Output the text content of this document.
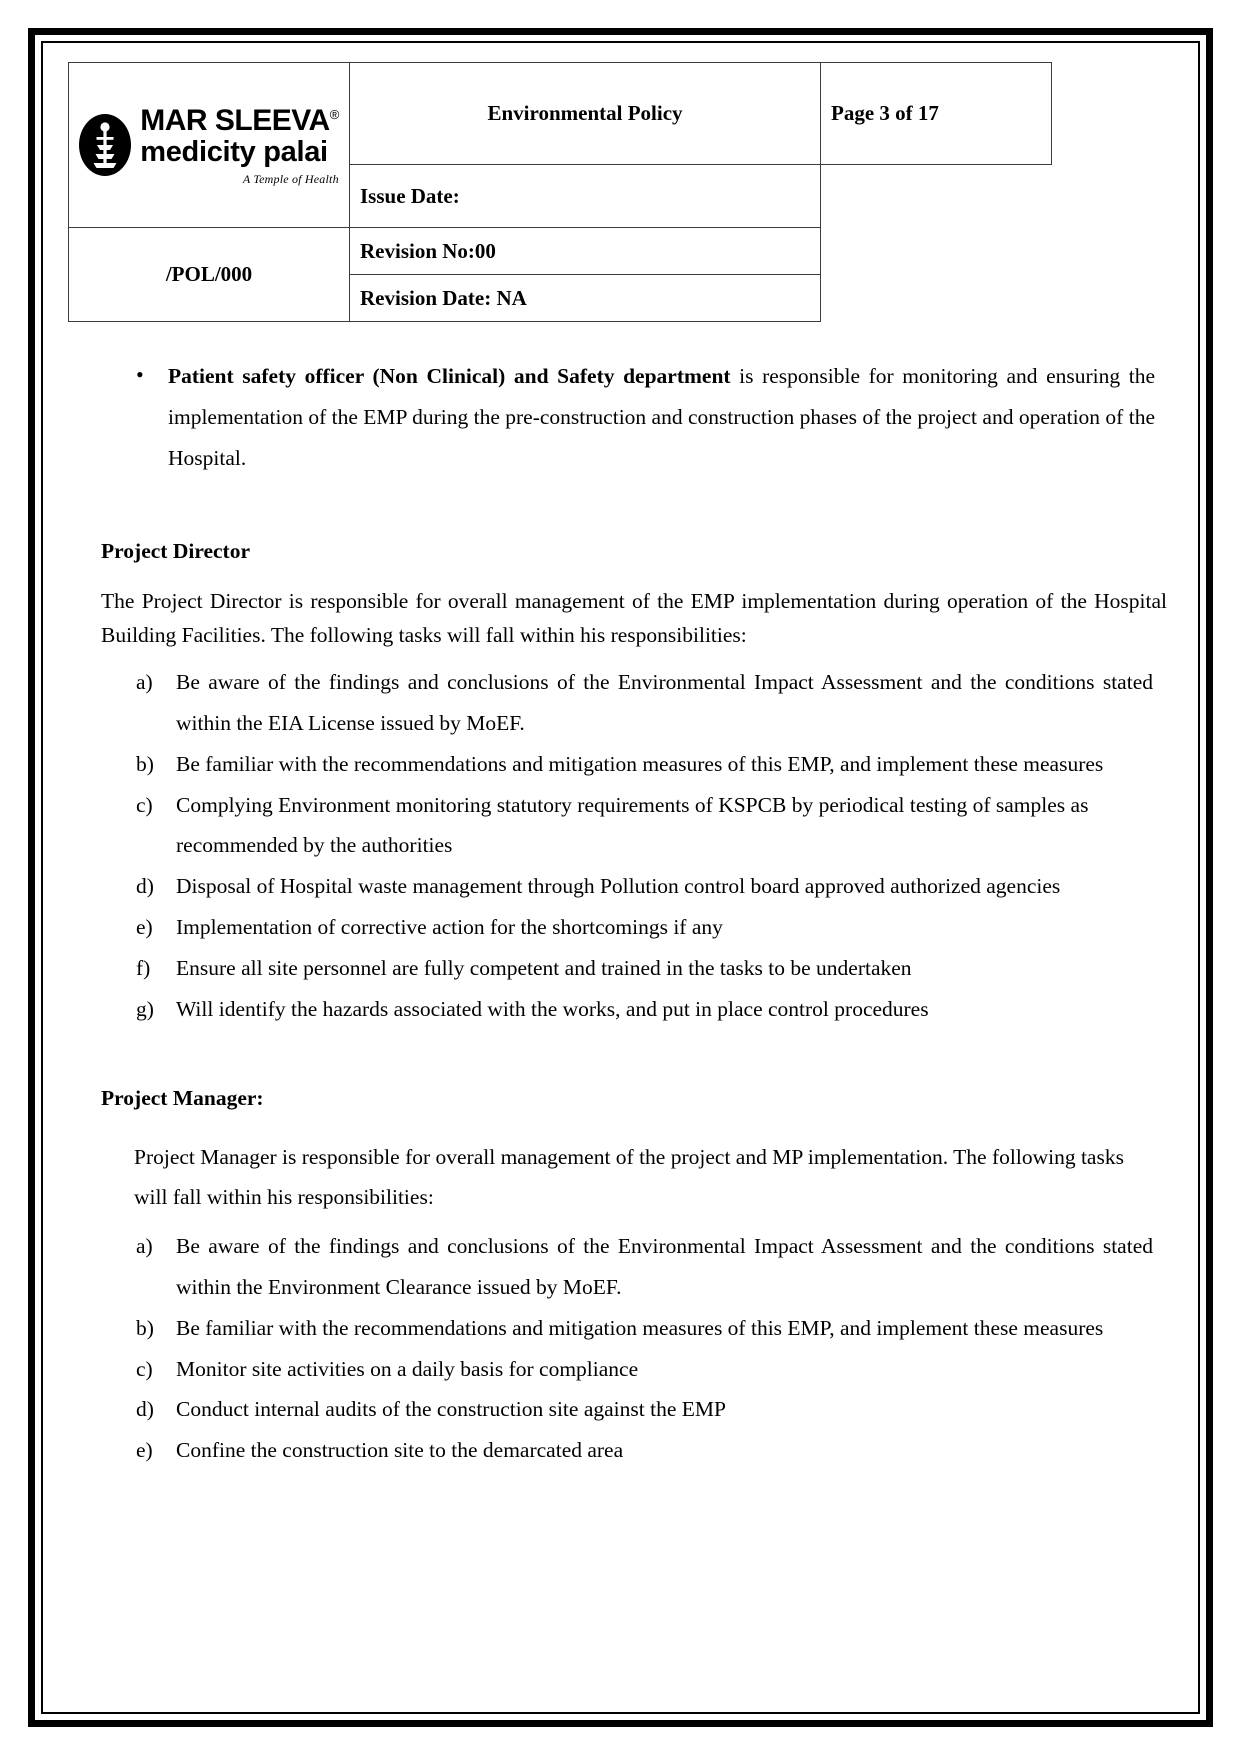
MAR SLEEVA®
medicity palai
A Temple of Health	Environmental Policy	Page 3 of 17
	Issue Date:	
/POL/000	Revision No:00	
	Revision Date: NA	
• Patient safety officer (Non Clinical) and Safety department is responsible for monitoring and ensuring the implementation of the EMP during the pre-construction and construction phases of the project and operation of the Hospital.
Project Director

The Project Director is responsible for overall management of the EMP implementation during operation of the Hospital Building Facilities. The following tasks will fall within his responsibilities:

a)	Be aware of the findings and conclusions of the Environmental Impact Assessment and the conditions stated within the EIA License issued by MoEF.
b)	Be familiar with the recommendations and mitigation measures of this EMP, and implement these measures
c)	Complying Environment monitoring statutory requirements of KSPCB by periodical testing of samples as recommended by the authorities
d)	Disposal of Hospital waste management through Pollution control board approved authorized agencies
e)	Implementation of corrective action for the shortcomings if any
f)	Ensure all site personnel are fully competent and trained in the tasks to be undertaken
g)	Will identify the hazards associated with the works, and put in place control procedures
Project Manager:

Project Manager is responsible for overall management of the project and MP implementation. The following tasks will fall within his responsibilities:

a)	Be aware of the findings and conclusions of the Environmental Impact Assessment and the conditions stated within the Environment Clearance issued by MoEF.
b)	Be familiar with the recommendations and mitigation measures of this EMP, and implement these measures
c)	Monitor site activities on a daily basis for compliance
d)	Conduct internal audits of the construction site against the EMP
e)	Confine the construction site to the demarcated area
